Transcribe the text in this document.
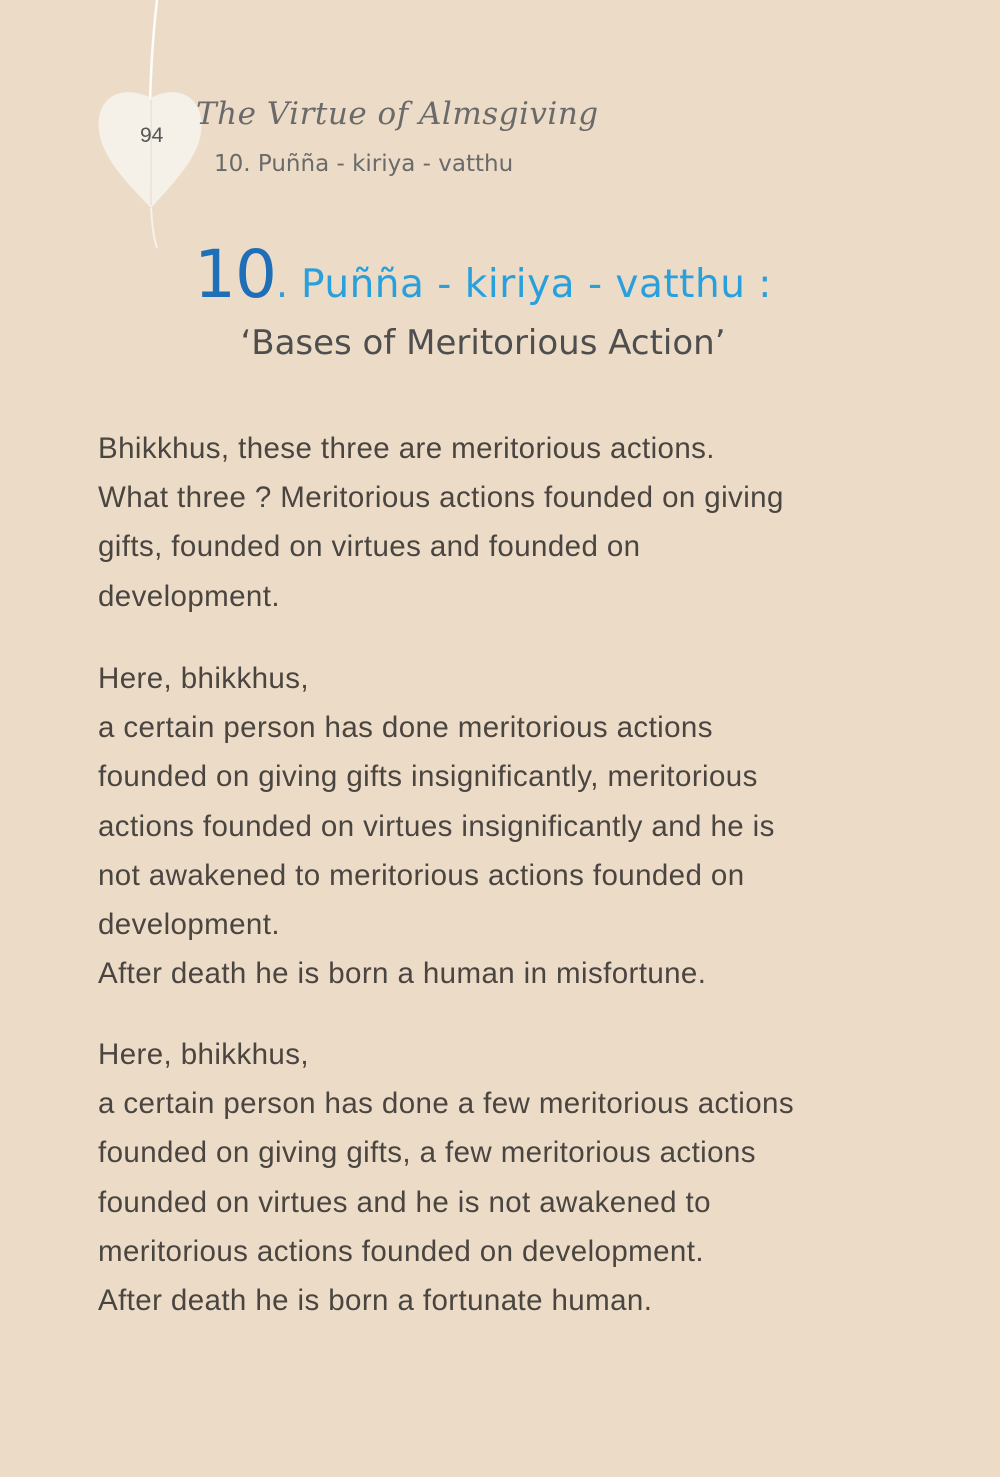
94
The Virtue of Almsgiving
10. Puñña - kiriya - vatthu
10. Puñña - kiriya - vatthu :
‘Bases of Meritorious Action’
Bhikkhus, these three are meritorious actions.
What three ? Meritorious actions founded on giving
gifts, founded on virtues and founded on
development.
Here, bhikkhus,
a certain person has done meritorious actions
founded on giving gifts insignificantly, meritorious
actions founded on virtues insignificantly and he is
not awakened to meritorious actions founded on
development.
After death he is born a human in misfortune.
Here, bhikkhus,
a certain person has done a few meritorious actions
founded on giving gifts, a few meritorious actions
founded on virtues and he is not awakened to
meritorious actions founded on development.
After death he is born a fortunate human.
